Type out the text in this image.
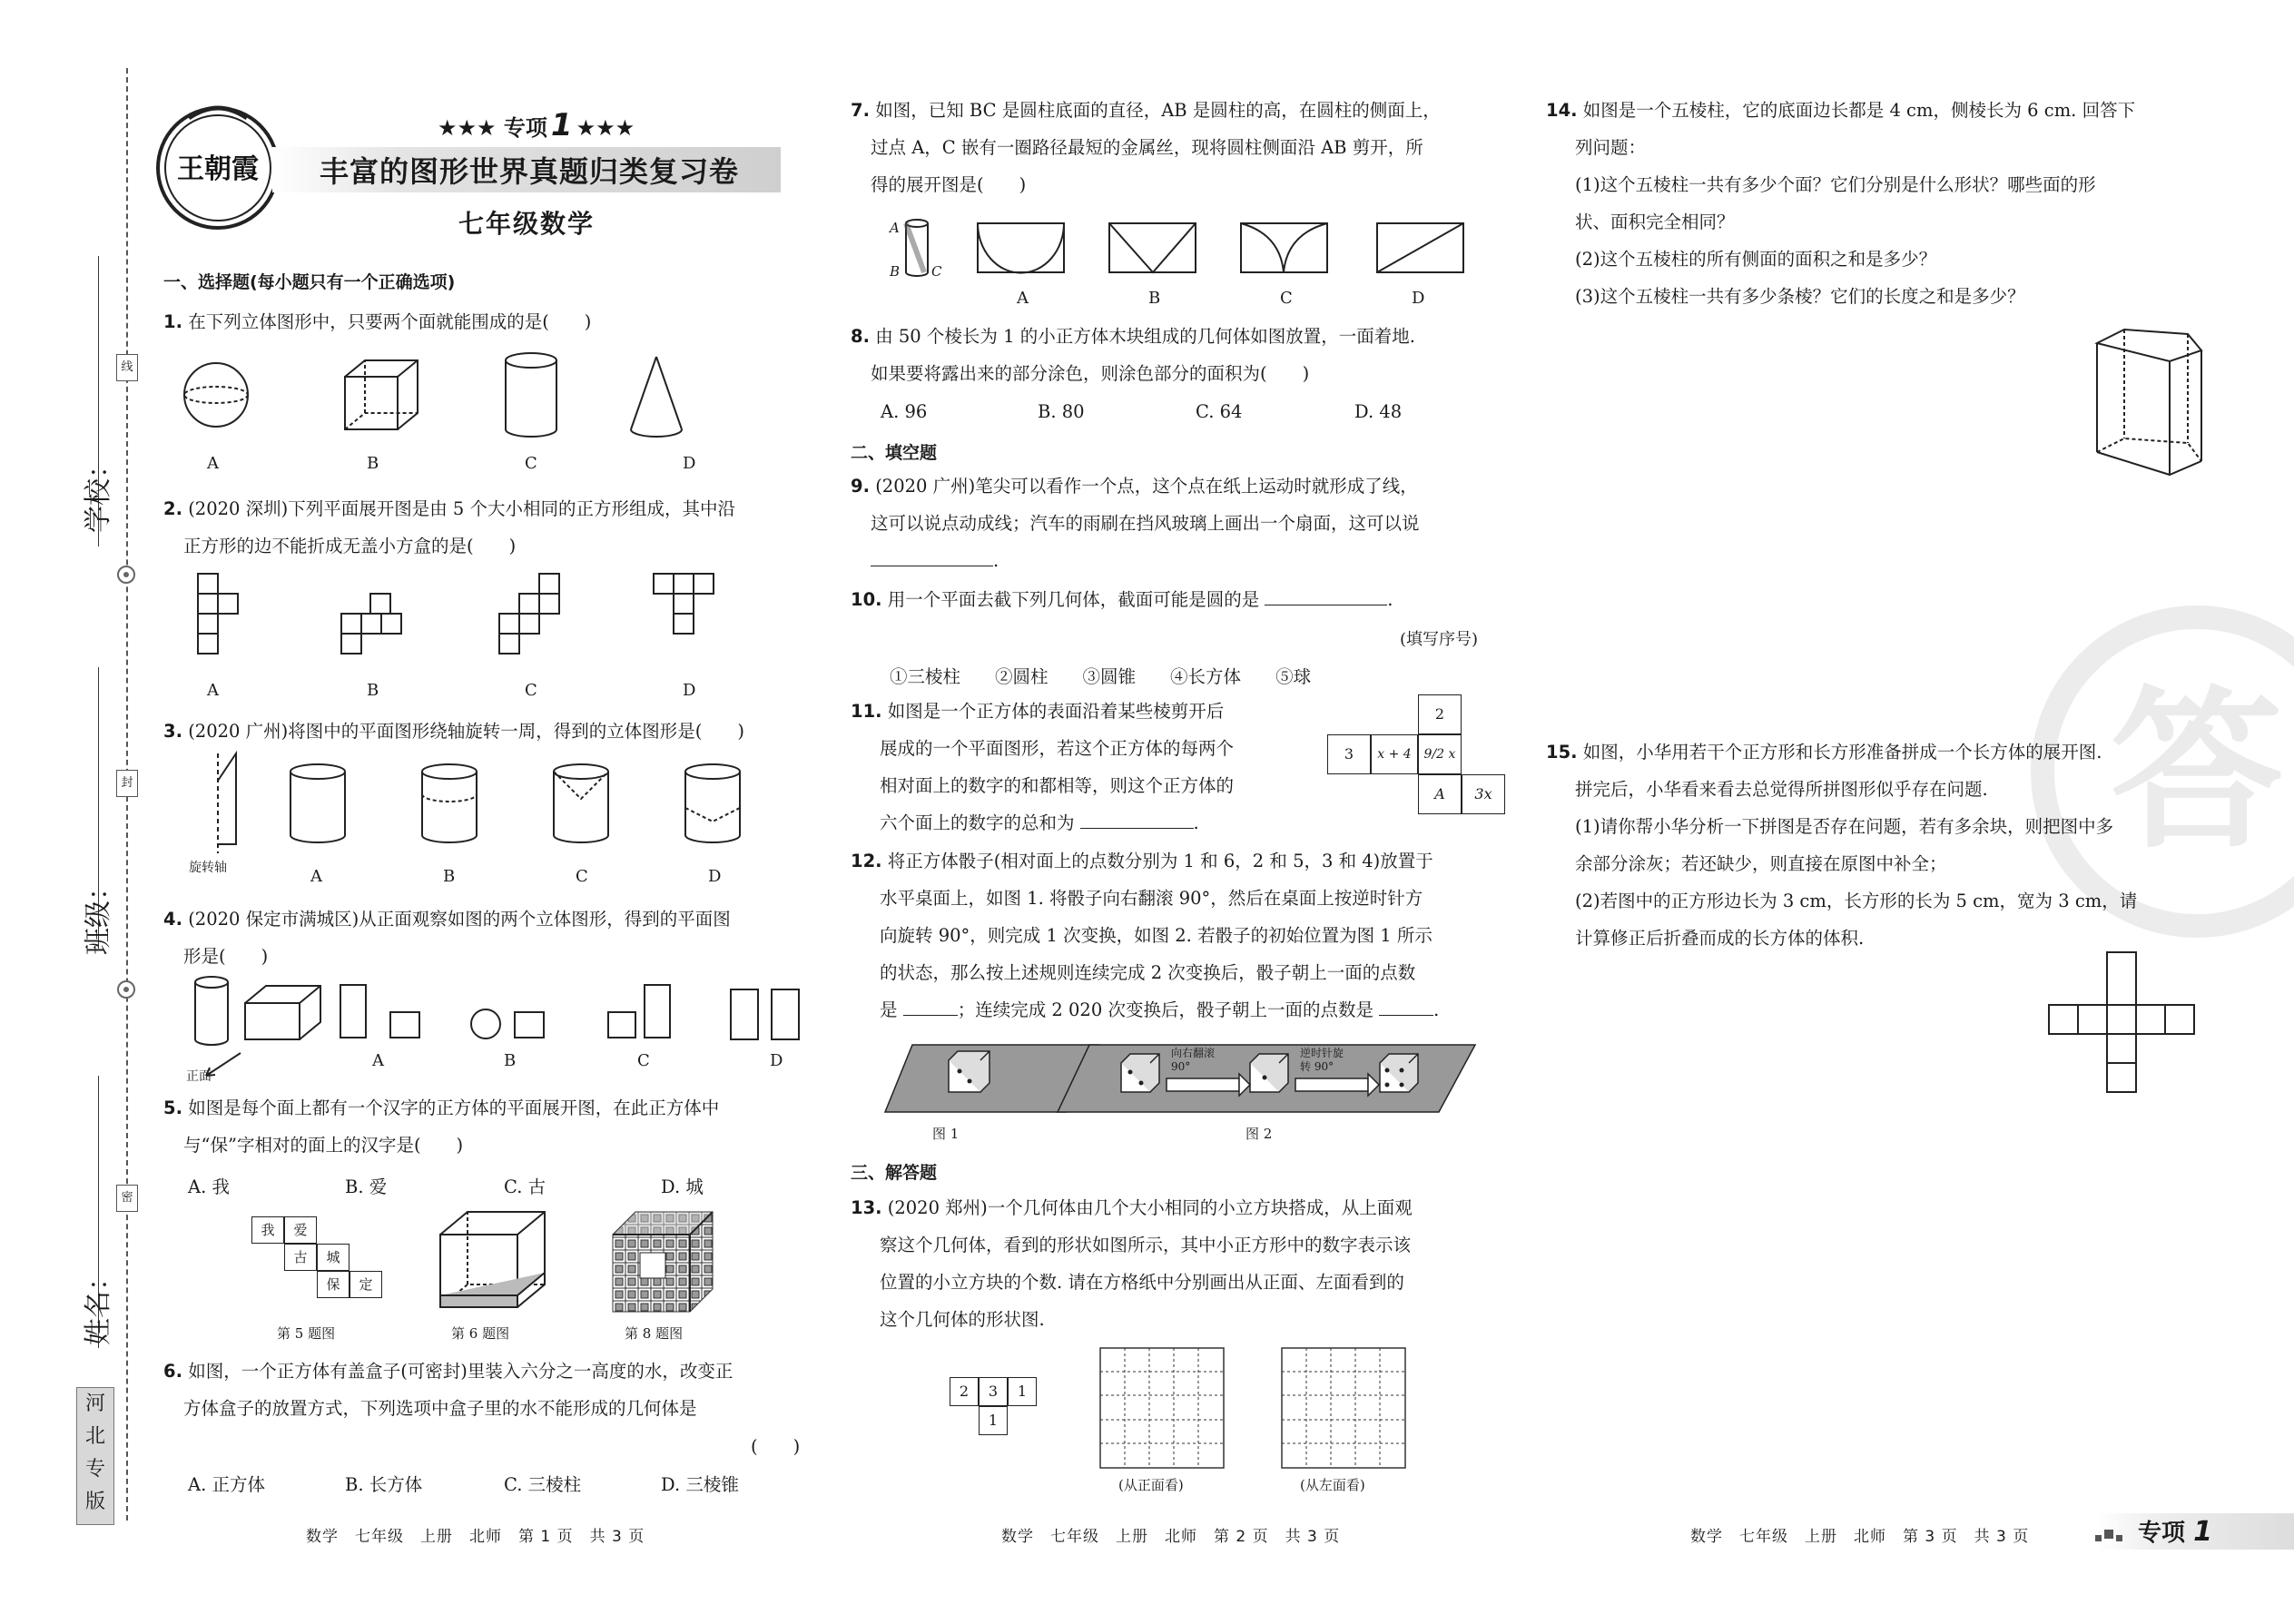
学校：
班级：
姓名：
线
封
密
河
北
专
版
王朝霞
★★★ 专项 1 ★★★
丰富的图形世界真题归类复习卷
七年级数学
一、选择题(每小题只有一个正确选项)
1. 在下列立体图形中，只要两个面就能围成的是(　　)
A	B	C	D
2. (2020 深圳)下列平面展开图是由 5 个大小相同的正方形组成，其中沿
正方形的边不能折成无盖小方盒的是(　　)
A	B	C	D
3. (2020 广州)将图中的平面图形绕轴旋转一周，得到的立体图形是(　　)
旋转轴	A	B	C	D
4. (2020 保定市满城区)从正面观察如图的两个立体图形，得到的平面图
形是(　　)
正面
A	B	C	D
5. 如图是每个面上都有一个汉字的正方体的平面展开图，在此正方体中
与“保”字相对的面上的汉字是(　　)
A. 我	B. 爱	C. 古	D. 城
我	爱
古	城
保	定
第 5 题图	第 6 题图	第 8 题图
6. 如图，一个正方体有盖盒子(可密封)里装入六分之一高度的水，改变正
方体盒子的放置方式，下列选项中盒子里的水不能形成的几何体是
(　　)
A. 正方体	B. 长方体	C. 三棱柱	D. 三棱锥
数学　七年级　上册　北师　第 1 页　共 3 页
7. 如图，已知 BC 是圆柱底面的直径，AB 是圆柱的高，在圆柱的侧面上，
过点 A，C 嵌有一圈路径最短的金属丝，现将圆柱侧面沿 AB 剪开，所
得的展开图是(　　)
A
B C
A	B	C	D
8. 由 50 个棱长为 1 的小正方体木块组成的几何体如图放置，一面着地.
如果要将露出来的部分涂色，则涂色部分的面积为(　　)
A. 96	B. 80	C. 64	D. 48
二、填空题
9. (2020 广州)笔尖可以看作一个点，这个点在纸上运动时就形成了线，
这可以说点动成线；汽车的雨刷在挡风玻璃上画出一个扇面，这可以说
.
10. 用一个平面去截下列几何体，截面可能是圆的是	.
(填写序号)
①三棱柱 ②圆柱 ③圆锥 ④长方体 ⑤球
11. 如图是一个正方体的表面沿着某些棱剪开后
展成的一个平面图形，若这个正方体的每两个
相对面上的数字的和都相等，则这个正方体的
六个面上的数字的总和为	.
2
3	x + 4 9/2 x
A	3x
12. 将正方体骰子(相对面上的点数分别为 1 和 6，2 和 5，3 和 4)放置于
水平桌面上，如图 1. 将骰子向右翻滚 90°，然后在桌面上按逆时针方
向旋转 90°，则完成 1 次变换，如图 2. 若骰子的初始位置为图 1 所示
的状态，那么按上述规则连续完成 2 次变换后，骰子朝上一面的点数
是	；连续完成 2 020 次变换后，骰子朝上一面的点数是	.
向右翻滚 90°
逆时针旋转 90°
图 1	图 2
三、解答题
13. (2020 郑州)一个几何体由几个大小相同的小立方块搭成，从上面观
察这个几何体，看到的形状如图所示，其中小正方形中的数字表示该
位置的小立方块的个数. 请在方格纸中分别画出从正面、左面看到的
这个几何体的形状图.
2	3	1
1
(从正面看)	(从左面看)
数学　七年级　上册　北师　第 2 页　共 3 页
14. 如图是一个五棱柱，它的底面边长都是 4 cm，侧棱长为 6 cm. 回答下
列问题：
(1)这个五棱柱一共有多少个面？它们分别是什么形状？哪些面的形
状、面积完全相同？
(2)这个五棱柱的所有侧面的面积之和是多少？
(3)这个五棱柱一共有多少条棱？它们的长度之和是多少？
答
15. 如图，小华用若干个正方形和长方形准备拼成一个长方体的展开图.
拼完后，小华看来看去总觉得所拼图形似乎存在问题.
(1)请你帮小华分析一下拼图是否存在问题，若有多余块，则把图中多
余部分涂灰；若还缺少，则直接在原图中补全；
(2)若图中的正方形边长为 3 cm，长方形的长为 5 cm，宽为 3 cm，请
计算修正后折叠而成的长方体的体积.
数学　七年级　上册　北师　第 3 页　共 3 页	专项 1
